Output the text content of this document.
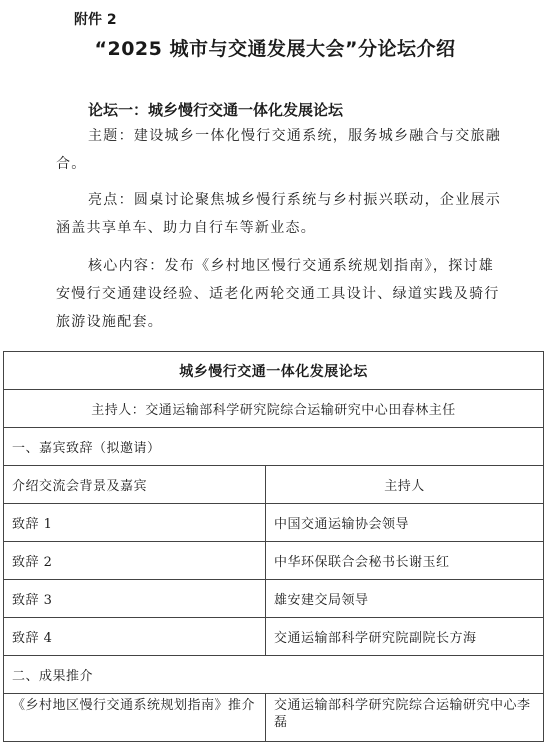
附件 2
“2025 城市与交通发展大会”分论坛介绍
论坛一：城乡慢行交通一体化发展论坛
主题：建设城乡一体化慢行交通系统，服务城乡融合与交旅融合。
亮点：圆桌讨论聚焦城乡慢行系统与乡村振兴联动，企业展示涵盖共享单车、助力自行车等新业态。
核心内容：发布《乡村地区慢行交通系统规划指南》，探讨雄安慢行交通建设经验、适老化两轮交通工具设计、绿道实践及骑行旅游设施配套。
城乡慢行交通一体化发展论坛	
主持人：交通运输部科学研究院综合运输研究中心田春林主任	
一、嘉宾致辞（拟邀请）	
介绍交流会背景及嘉宾	主持人
致辞 1	中国交通运输协会领导
致辞 2	中华环保联合会秘书长谢玉红
致辞 3	雄安建交局领导
致辞 4	交通运输部科学研究院副院长方海
二、成果推介	
《乡村地区慢行交通系统规划指南》推介	交通运输部科学研究院综合运输研究中心李磊
